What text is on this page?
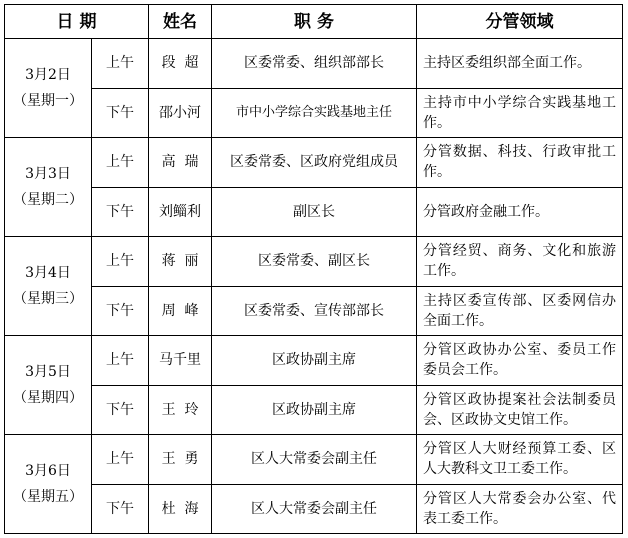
日 期		姓名	职 务	分管领域

3月2日
（星期一）	上午	段  超	区委常委、组织部部长	主持区委组织部全面工作。
	下午	邵小河	市中小学综合实践基地主任	主持市中小学综合实践基地工作。

3月3日
（星期二）	上午	高  瑞	区委常委、区政府党组成员	分管数据、科技、行政审批工作。
	下午	刘鲻利	副区长	分管政府金融工作。

3月4日
（星期三）	上午	蒋  丽	区委常委、副区长	分管经贸、商务、文化和旅游工作。
	下午	周  峰	区委常委、宣传部部长	主持区委宣传部、区委网信办全面工作。

3月5日
（星期四）	上午	马千里	区政协副主席	分管区政协办公室、委员工作委员会工作。
	下午	王  玲	区政协副主席	分管区政协提案社会法制委员会、区政协文史馆工作。

3月6日
（星期五）	上午	王  勇	区人大常委会副主任	分管区人大财经预算工委、区人大教科文卫工委工作。
	下午	杜  海	区人大常委会副主任	分管区人大常委会办公室、代表工委工作。
